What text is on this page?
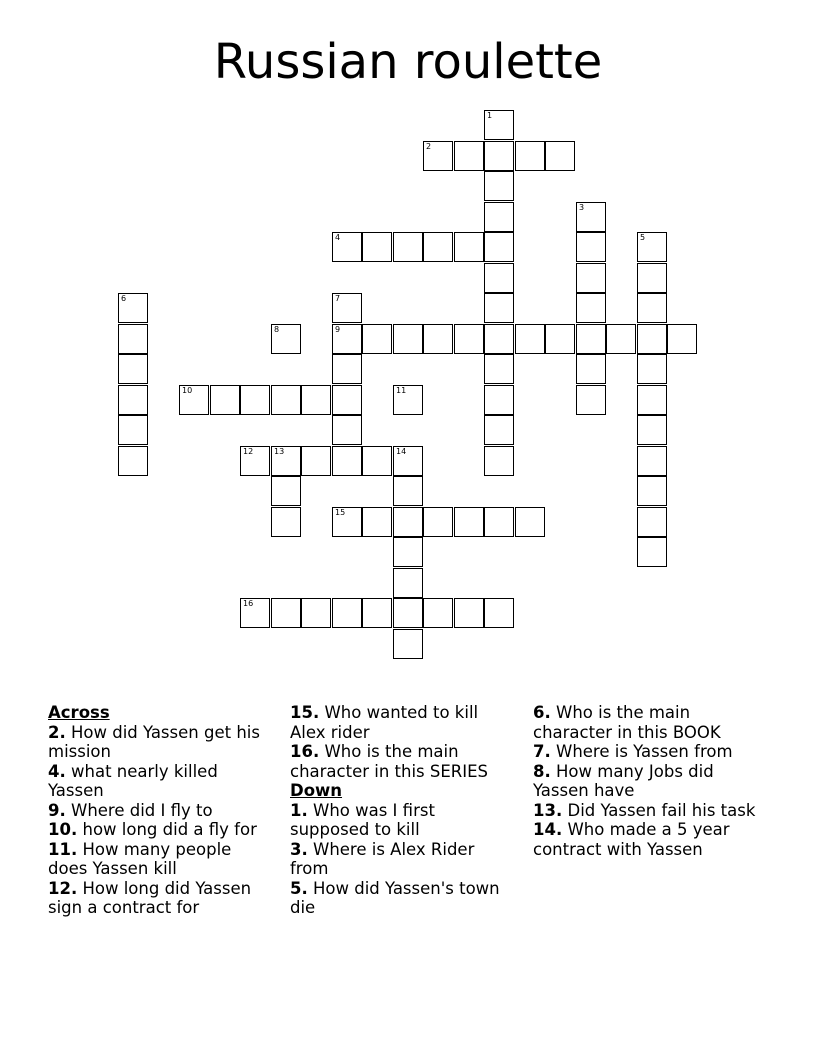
Russian roulette
1
2
3
4	5
6	7
9
8
10	11
12	13	14
15
16
Across
2. How did Yassen get his mission
4. what nearly killed Yassen
9. Where did I fly to
10. how long did a fly for
11. How many people does Yassen kill
12. How long did Yassen sign a contract for
15. Who wanted to kill Alex rider
16. Who is the main character in this SERIES
Down
1. Who was I first supposed to kill
3. Where is Alex Rider from
5. How did Yassen's town die
6. Who is the main character in this BOOK
7. Where is Yassen from
8. How many Jobs did Yassen have
13. Did Yassen fail his task
14. Who made a 5 year contract with Yassen
